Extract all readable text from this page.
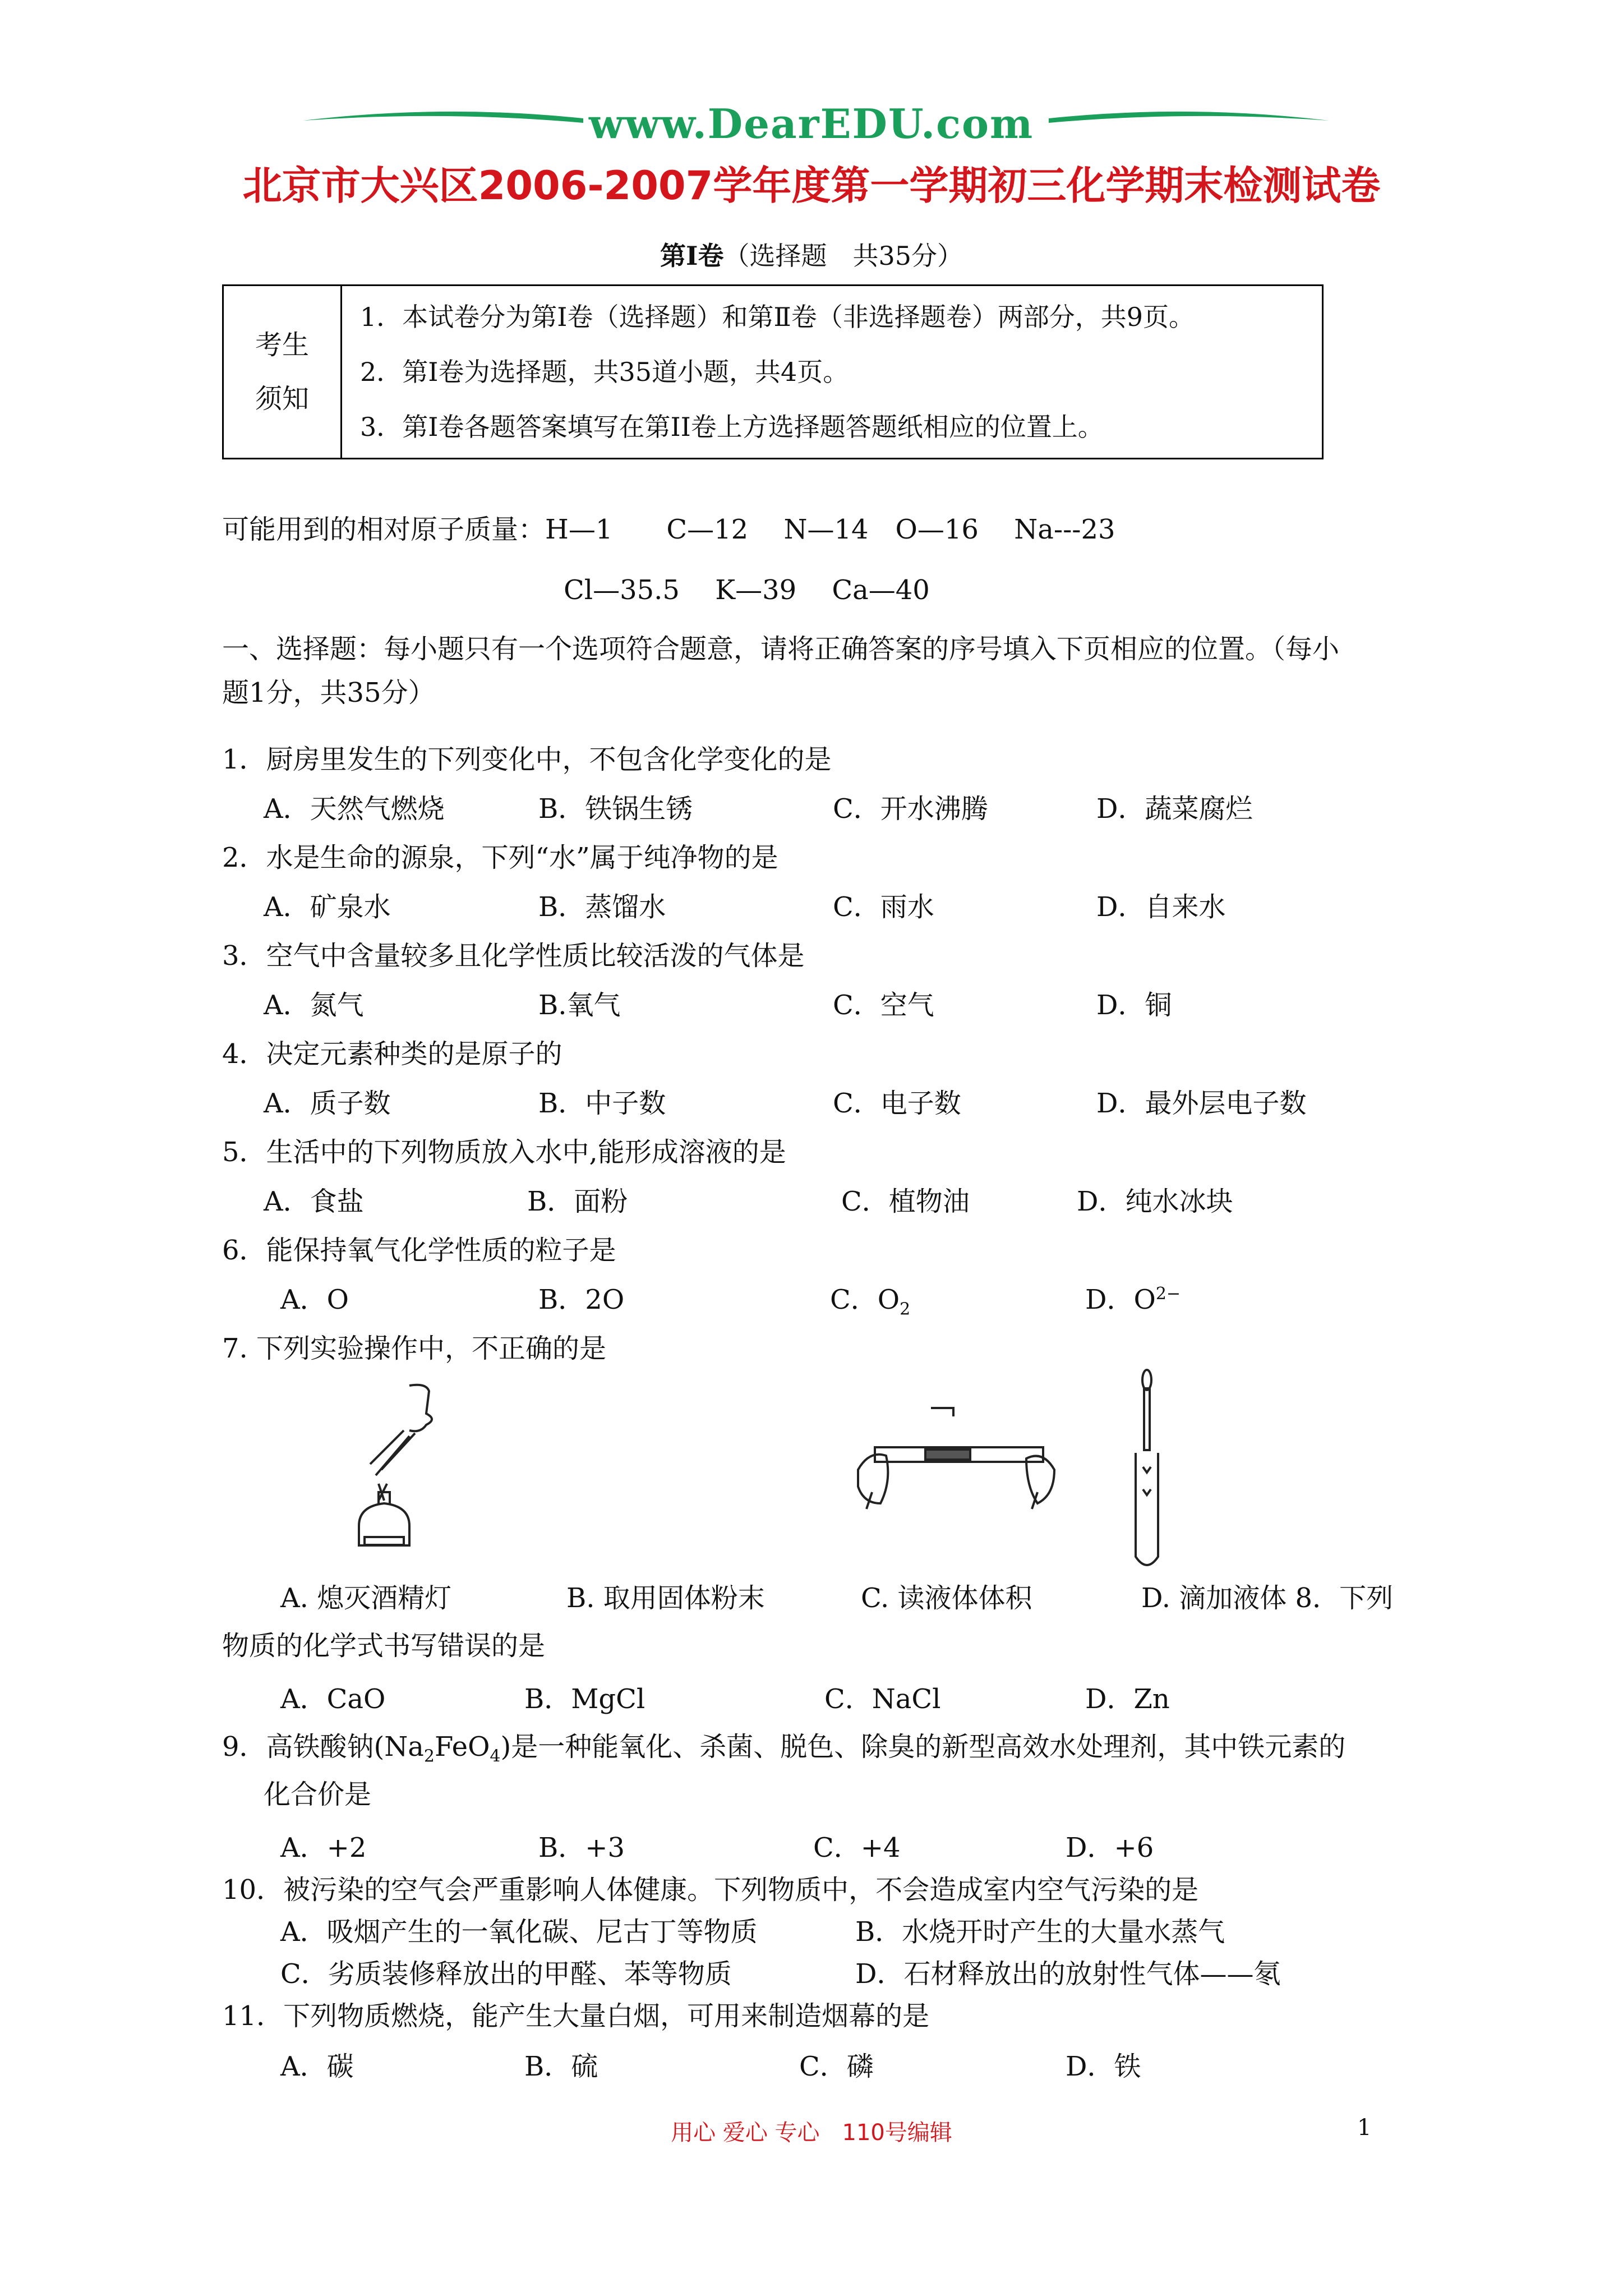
www.DearEDU.com
北京市大兴区2006-2007学年度第一学期初三化学期末检测试卷
第Ⅰ卷（选择题　共35分）
考生
须知

1．本试卷分为第Ⅰ卷（选择题）和第Ⅱ卷（非选择题卷）两部分，共9页。
2．第Ⅰ卷为选择题，共35道小题，共4页。
3．第Ⅰ卷各题答案填写在第II卷上方选择题答题纸相应的位置上。
可能用到的相对原子质量：H—1　　C—12　 N—14　O—16　 Na---23
Cl—35.5　 K—39　 Ca—40
一、选择题：每小题只有一个选项符合题意，请将正确答案的序号填入下页相应的位置。（每小
题1分，共35分）
1．厨房里发生的下列变化中，不包含化学变化的是
A．天然气燃烧	B．铁锅生锈	C．开水沸腾	D．蔬菜腐烂
2．水是生命的源泉，下列“水”属于纯净物的是
A．矿泉水	B．蒸馏水	C．雨水	D．自来水
3．空气中含量较多且化学性质比较活泼的气体是
A．氮气	B.氧气	C．空气	D．铜
4．决定元素种类的是原子的
A．质子数	B．中子数	C．电子数	D．最外层电子数
5．生活中的下列物质放入水中,能形成溶液的是
A．食盐	B．面粉	C．植物油	D．纯水冰块
6．能保持氧气化学性质的粒子是
A．O	B．2O	C．$O_2$	D．$O^{2-}$
7. 下列实验操作中，不正确的是
A. 熄灭酒精灯	B. 取用固体粉末	C. 读液体体积	D. 滴加液体 8．下列
物质的化学式书写错误的是
A．CaO	B．MgCl	C．NaCl	D．Zn
9．高铁酸钠$(Na_2FeO_4)$是一种能氧化、杀菌、脱色、除臭的新型高效水处理剂，其中铁元素的
化合价是
A．+2	B．+3	C．+4	D．+6
10．被污染的空气会严重影响人体健康。下列物质中，不会造成室内空气污染的是
A．吸烟产生的一氧化碳、尼古丁等物质	B．水烧开时产生的大量水蒸气
C．劣质装修释放出的甲醛、苯等物质	D．石材释放出的放射性气体——氡
11．下列物质燃烧，能产生大量白烟，可用来制造烟幕的是
A．碳	B．硫	C．磷	D．铁
用心 爱心 专心　110号编辑	1
